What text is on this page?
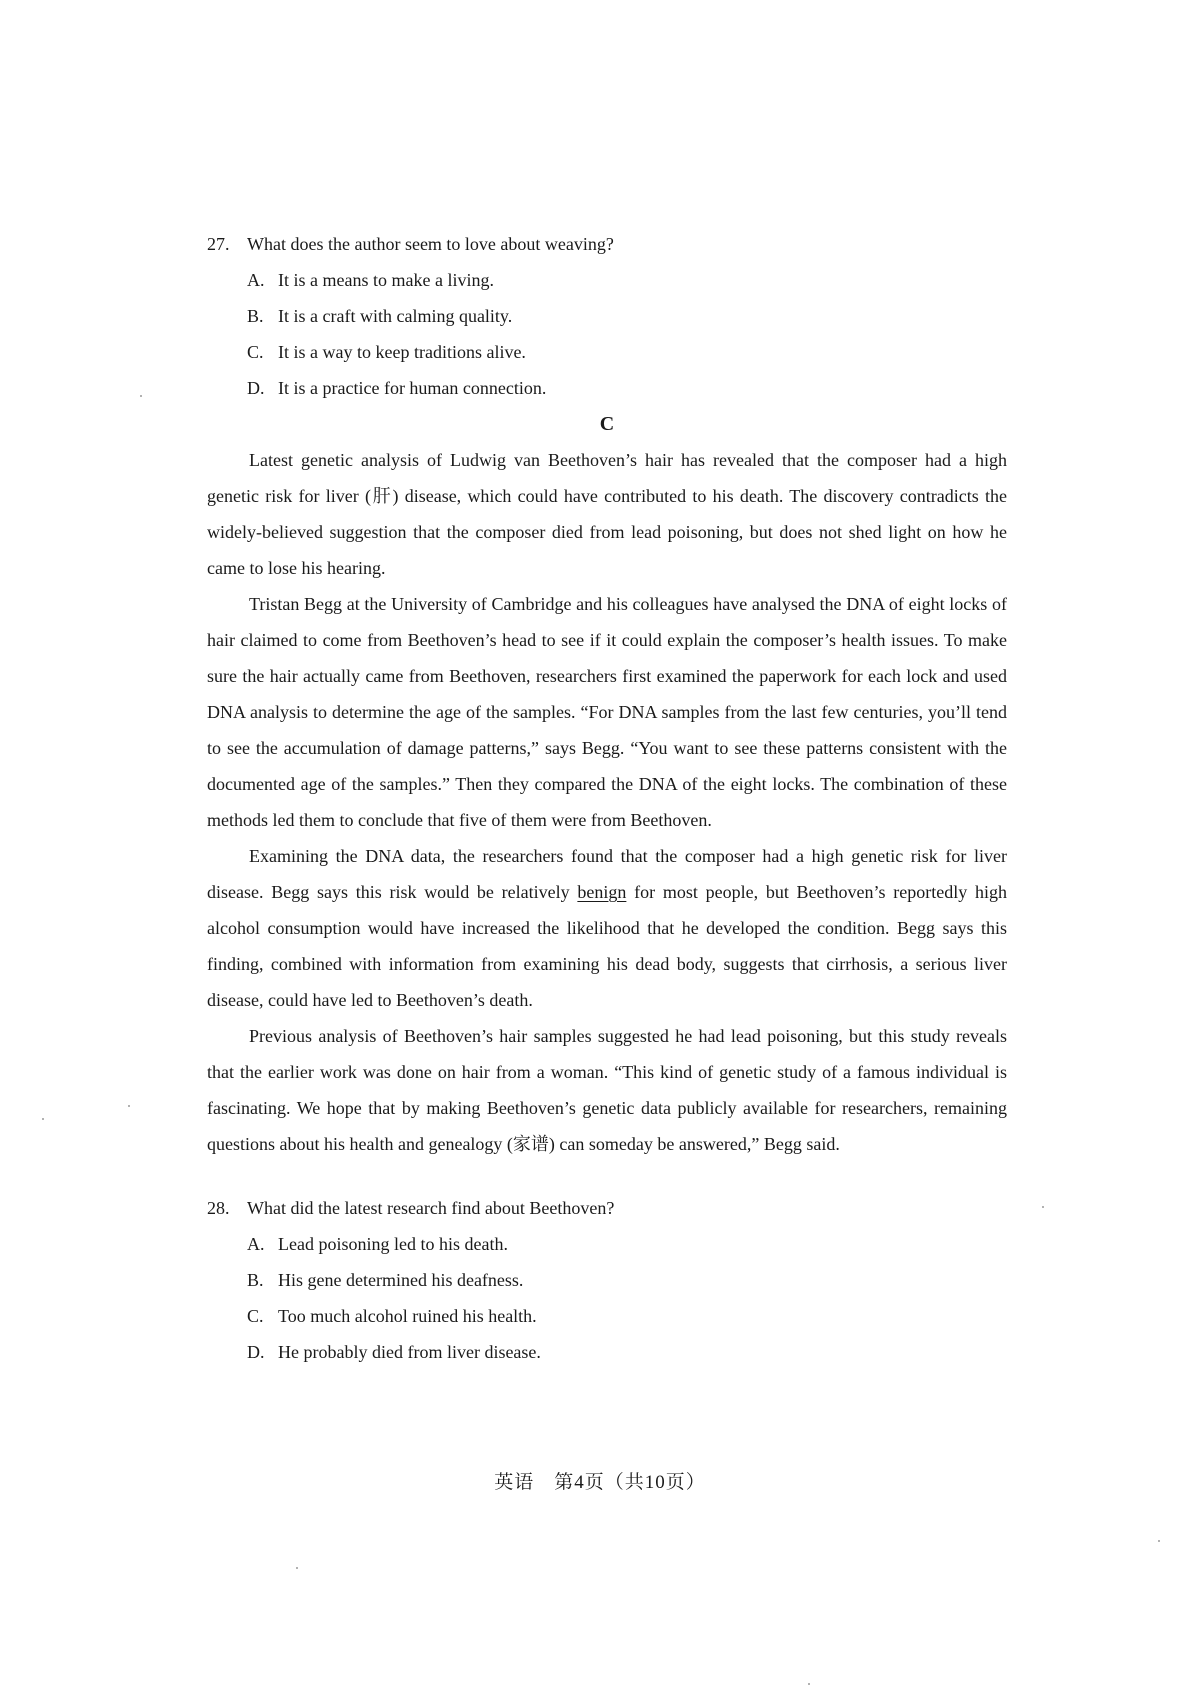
27. What does the author seem to love about weaving?
A. It is a means to make a living.
B. It is a craft with calming quality.
C. It is a way to keep traditions alive.
D. It is a practice for human connection.
C

Latest genetic analysis of Ludwig van Beethoven’s hair has revealed that the composer had a high genetic risk for liver (肝) disease, which could have contributed to his death. The discovery contradicts the widely-believed suggestion that the composer died from lead poisoning, but does not shed light on how he came to lose his hearing.

Tristan Begg at the University of Cambridge and his colleagues have analysed the DNA of eight locks of hair claimed to come from Beethoven’s head to see if it could explain the composer’s health issues. To make sure the hair actually came from Beethoven, researchers first examined the paperwork for each lock and used DNA analysis to determine the age of the samples. “For DNA samples from the last few centuries, you’ll tend to see the accumulation of damage patterns,” says Begg. “You want to see these patterns consistent with the documented age of the samples.” Then they compared the DNA of the eight locks. The combination of these methods led them to conclude that five of them were from Beethoven.

Examining the DNA data, the researchers found that the composer had a high genetic risk for liver disease. Begg says this risk would be relatively benign for most people, but Beethoven’s reportedly high alcohol consumption would have increased the likelihood that he developed the condition. Begg says this finding, combined with information from examining his dead body, suggests that cirrhosis, a serious liver disease, could have led to Beethoven’s death.

Previous analysis of Beethoven’s hair samples suggested he had lead poisoning, but this study reveals that the earlier work was done on hair from a woman. “This kind of genetic study of a famous individual is fascinating. We hope that by making Beethoven’s genetic data publicly available for researchers, remaining questions about his health and genealogy (家谱) can someday be answered,” Begg said.

28. What did the latest research find about Beethoven?
A. Lead poisoning led to his death.
B. His gene determined his deafness.
C. Too much alcohol ruined his health.
D. He probably died from liver disease.
英语　第4页（共10页）
